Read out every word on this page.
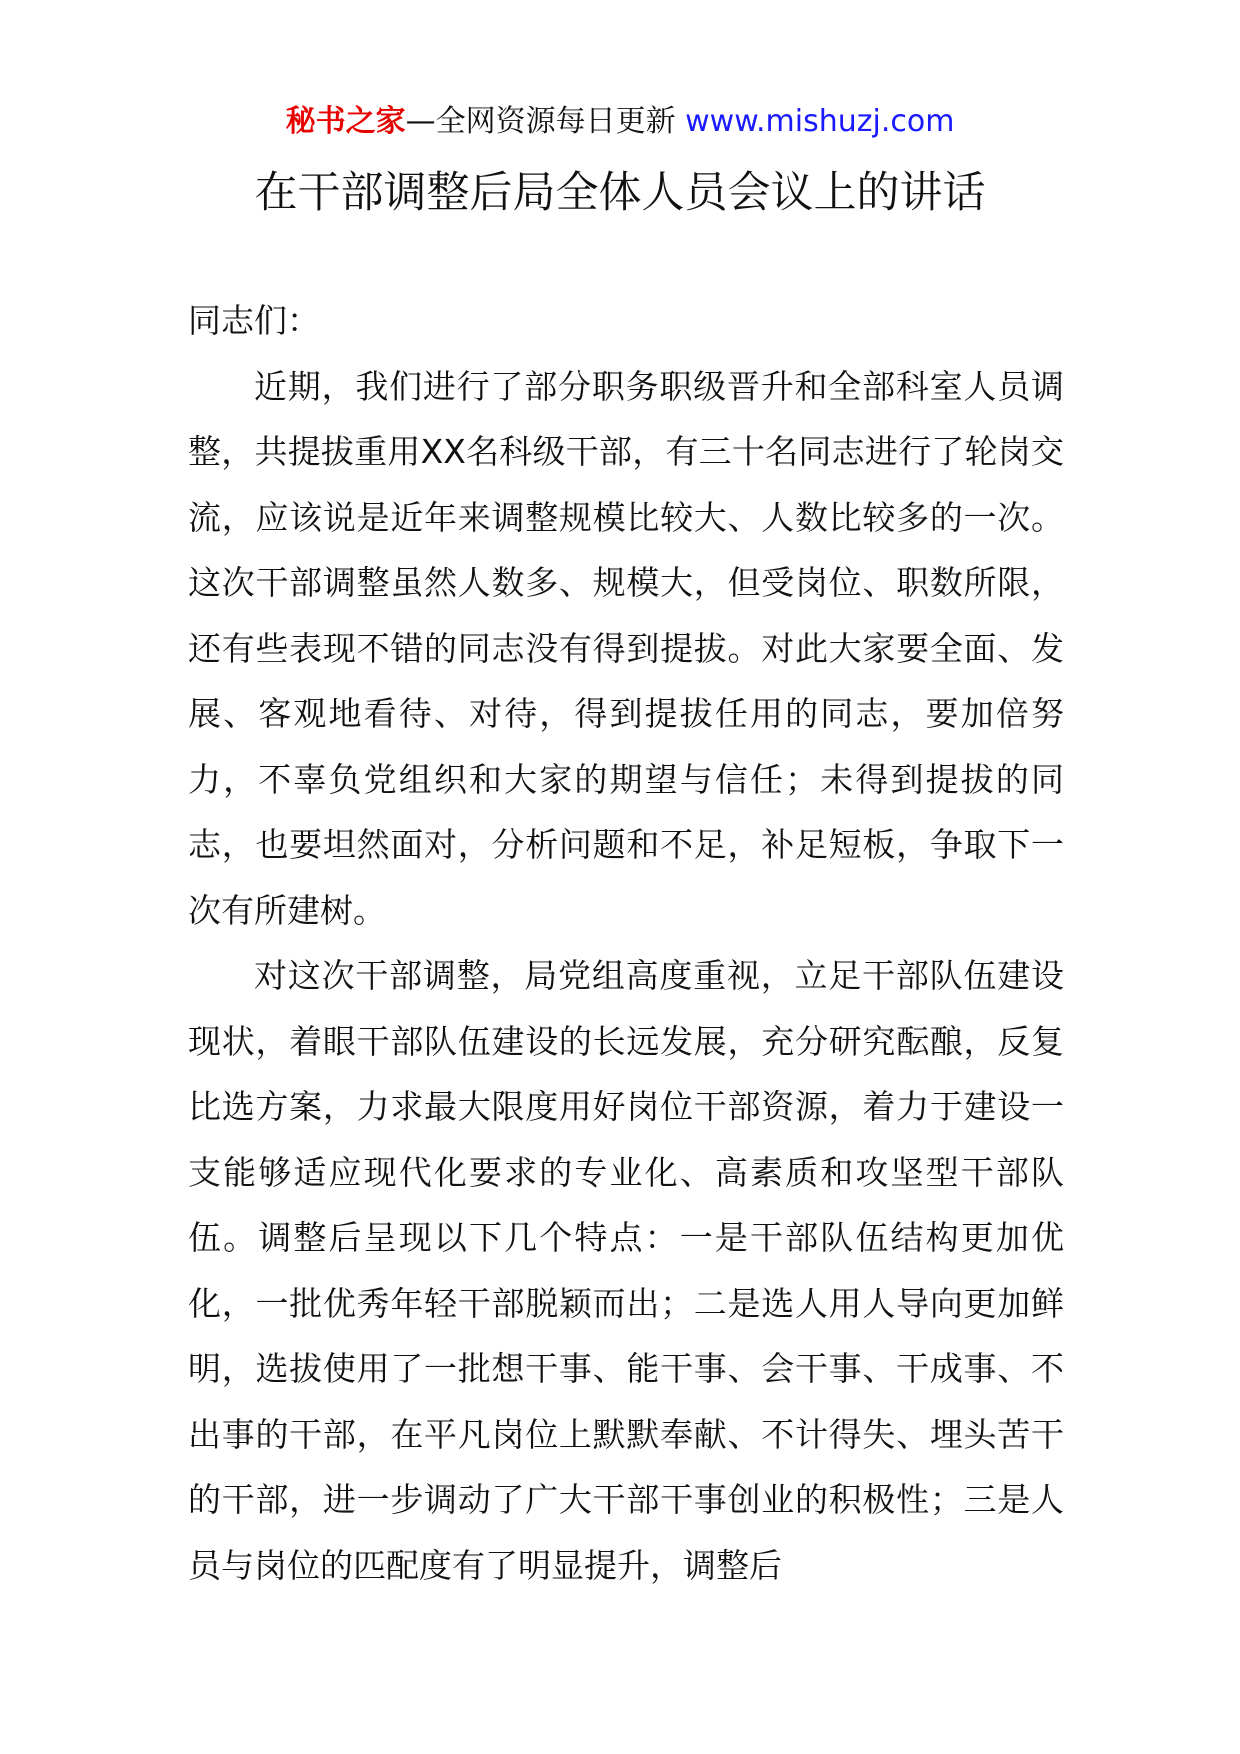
秘书之家—全网资源每日更新 www.mishuzj.com
在干部调整后局全体人员会议上的讲话

同志们：

近期，我们进行了部分职务职级晋升和全部科室人员调整，共提拔重用XX名科级干部，有三十名同志进行了轮岗交流，应该说是近年来调整规模比较大、人数比较多的一次。这次干部调整虽然人数多、规模大，但受岗位、职数所限，还有些表现不错的同志没有得到提拔。对此大家要全面、发展、客观地看待、对待，得到提拔任用的同志，要加倍努力，不辜负党组织和大家的期望与信任；未得到提拔的同志，也要坦然面对，分析问题和不足，补足短板，争取下一次有所建树。

对这次干部调整，局党组高度重视，立足干部队伍建设现状，着眼干部队伍建设的长远发展，充分研究酝酿，反复比选方案，力求最大限度用好岗位干部资源，着力于建设一支能够适应现代化要求的专业化、高素质和攻坚型干部队伍。调整后呈现以下几个特点：一是干部队伍结构更加优化，一批优秀年轻干部脱颖而出；二是选人用人导向更加鲜明，选拔使用了一批想干事、能干事、会干事、干成事、不出事的干部，在平凡岗位上默默奉献、不计得失、埋头苦干的干部，进一步调动了广大干部干事创业的积极性；三是人员与岗位的匹配度有了明显提升，调整后
